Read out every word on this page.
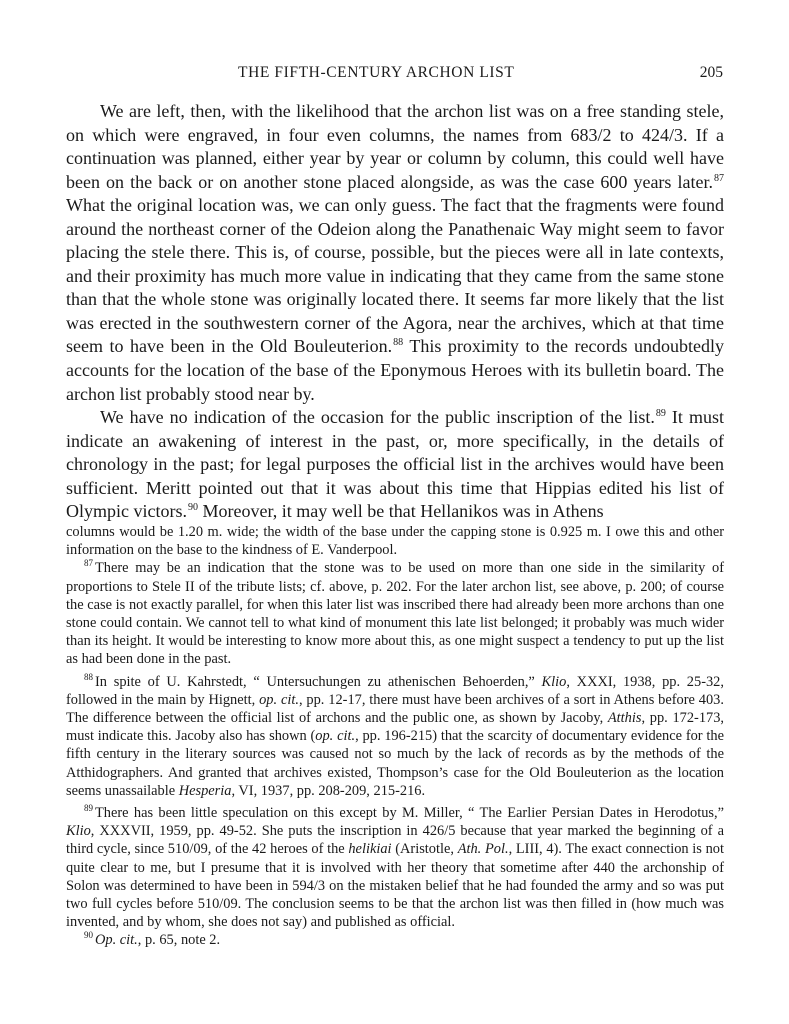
THE FIFTH-CENTURY ARCHON LIST	205

We are left, then, with the likelihood that the archon list was on a free standing stele, on which were engraved, in four even columns, the names from 683/2 to 424/3. If a continuation was planned, either year by year or column by column, this could well have been on the back or on another stone placed alongside, as was the case 600 years later.$^{87}$ What the original location was, we can only guess. The fact that the fragments were found around the northeast corner of the Odeion along the Panathenaic Way might seem to favor placing the stele there. This is, of course, possible, but the pieces were all in late contexts, and their proximity has much more value in indicating that they came from the same stone than that the whole stone was originally located there. It seems far more likely that the list was erected in the southwestern corner of the Agora, near the archives, which at that time seem to have been in the Old Bouleuterion.$^{88}$ This proximity to the records undoubtedly accounts for the location of the base of the Eponymous Heroes with its bulletin board. The archon list probably stood near by.

We have no indication of the occasion for the public inscription of the list.$^{89}$ It must indicate an awakening of interest in the past, or, more specifically, in the details of chronology in the past; for legal purposes the official list in the archives would have been sufficient. Meritt pointed out that it was about this time that Hippias edited his list of Olympic victors.$^{90}$ Moreover, it may well be that Hellanikos was in Athens

columns would be 1.20 m. wide; the width of the base under the capping stone is 0.925 m. I owe this and other information on the base to the kindness of E. Vanderpool.

$^{87}$ There may be an indication that the stone was to be used on more than one side in the similarity of proportions to Stele II of the tribute lists; cf. above, p. 202. For the later archon list, see above, p. 200; of course the case is not exactly parallel, for when this later list was inscribed there had already been more archons than one stone could contain. We cannot tell to what kind of monument this late list belonged; it probably was much wider than its height. It would be interesting to know more about this, as one might suspect a tendency to put up the list as had been done in the past.

$^{88}$ In spite of U. Kahrstedt, “ Untersuchungen zu athenischen Behoerden,” Klio, XXXI, 1938, pp. 25-32, followed in the main by Hignett, op. cit., pp. 12-17, there must have been archives of a sort in Athens before 403. The difference between the official list of archons and the public one, as shown by Jacoby, Atthis, pp. 172-173, must indicate this. Jacoby also has shown (op. cit., pp. 196-215) that the scarcity of documentary evidence for the fifth century in the literary sources was caused not so much by the lack of records as by the methods of the Atthidographers. And granted that archives existed, Thompson’s case for the Old Bouleuterion as the location seems unassailable Hesperia, VI, 1937, pp. 208-209, 215-216.

$^{89}$ There has been little speculation on this except by M. Miller, “ The Earlier Persian Dates in Herodotus,” Klio, XXXVII, 1959, pp. 49-52. She puts the inscription in 426/5 because that year marked the beginning of a third cycle, since 510/09, of the 42 heroes of the helikiai (Aristotle, Ath. Pol., LIII, 4). The exact connection is not quite clear to me, but I presume that it is involved with her theory that sometime after 440 the archonship of Solon was determined to have been in 594/3 on the mistaken belief that he had founded the army and so was put two full cycles before 510/09. The conclusion seems to be that the archon list was then filled in (how much was invented, and by whom, she does not say) and published as official.

$^{90}$ Op. cit., p. 65, note 2.
